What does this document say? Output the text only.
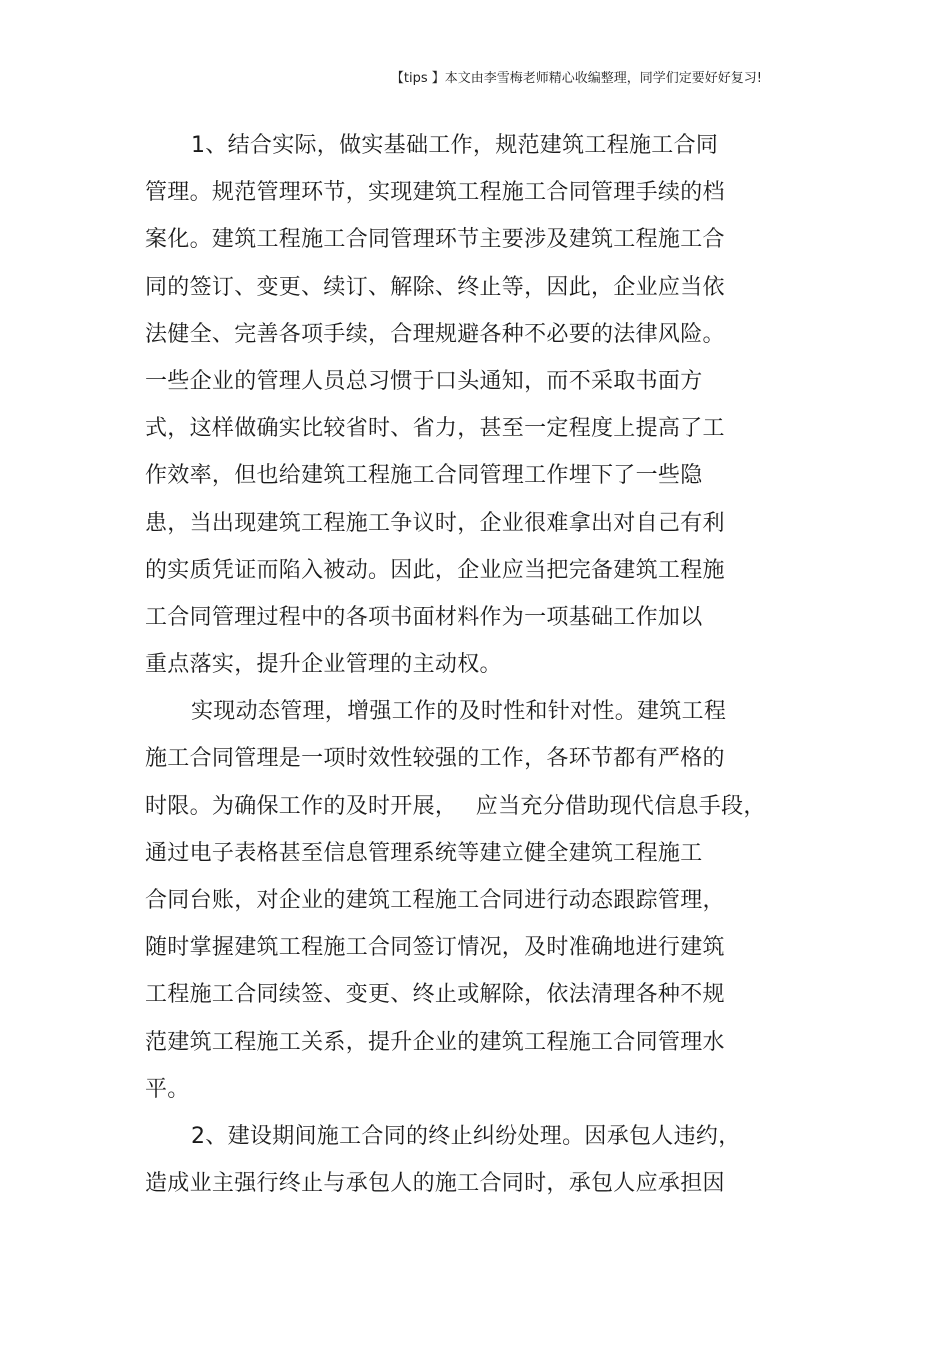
【tips 】本文由李雪梅老师精心收编整理，同学们定要好好复习!
1、结合实际，做实基础工作，规范建筑工程施工合同
管理。规范管理环节，实现建筑工程施工合同管理手续的档
案化。建筑工程施工合同管理环节主要涉及建筑工程施工合
同的签订、变更、续订、解除、终止等，因此，企业应当依
法健全、完善各项手续，合理规避各种不必要的法律风险。
一些企业的管理人员总习惯于口头通知，而不采取书面方
式，这样做确实比较省时、省力，甚至一定程度上提高了工
作效率，但也给建筑工程施工合同管理工作埋下了一些隐
患，当出现建筑工程施工争议时，企业很难拿出对自己有利
的实质凭证而陷入被动。因此，企业应当把完备建筑工程施
工合同管理过程中的各项书面材料作为一项基础工作加以
重点落实，提升企业管理的主动权。
实现动态管理，增强工作的及时性和针对性。建筑工程
施工合同管理是一项时效性较强的工作，各环节都有严格的
时限。为确保工作的及时开展，　 应当充分借助现代信息手段，
通过电子表格甚至信息管理系统等建立健全建筑工程施工
合同台账，对企业的建筑工程施工合同进行动态跟踪管理，
随时掌握建筑工程施工合同签订情况，及时准确地进行建筑
工程施工合同续签、变更、终止或解除，依法清理各种不规
范建筑工程施工关系，提升企业的建筑工程施工合同管理水
平。
2、建设期间施工合同的终止纠纷处理。因承包人违约，
造成业主强行终止与承包人的施工合同时，承包人应承担因
